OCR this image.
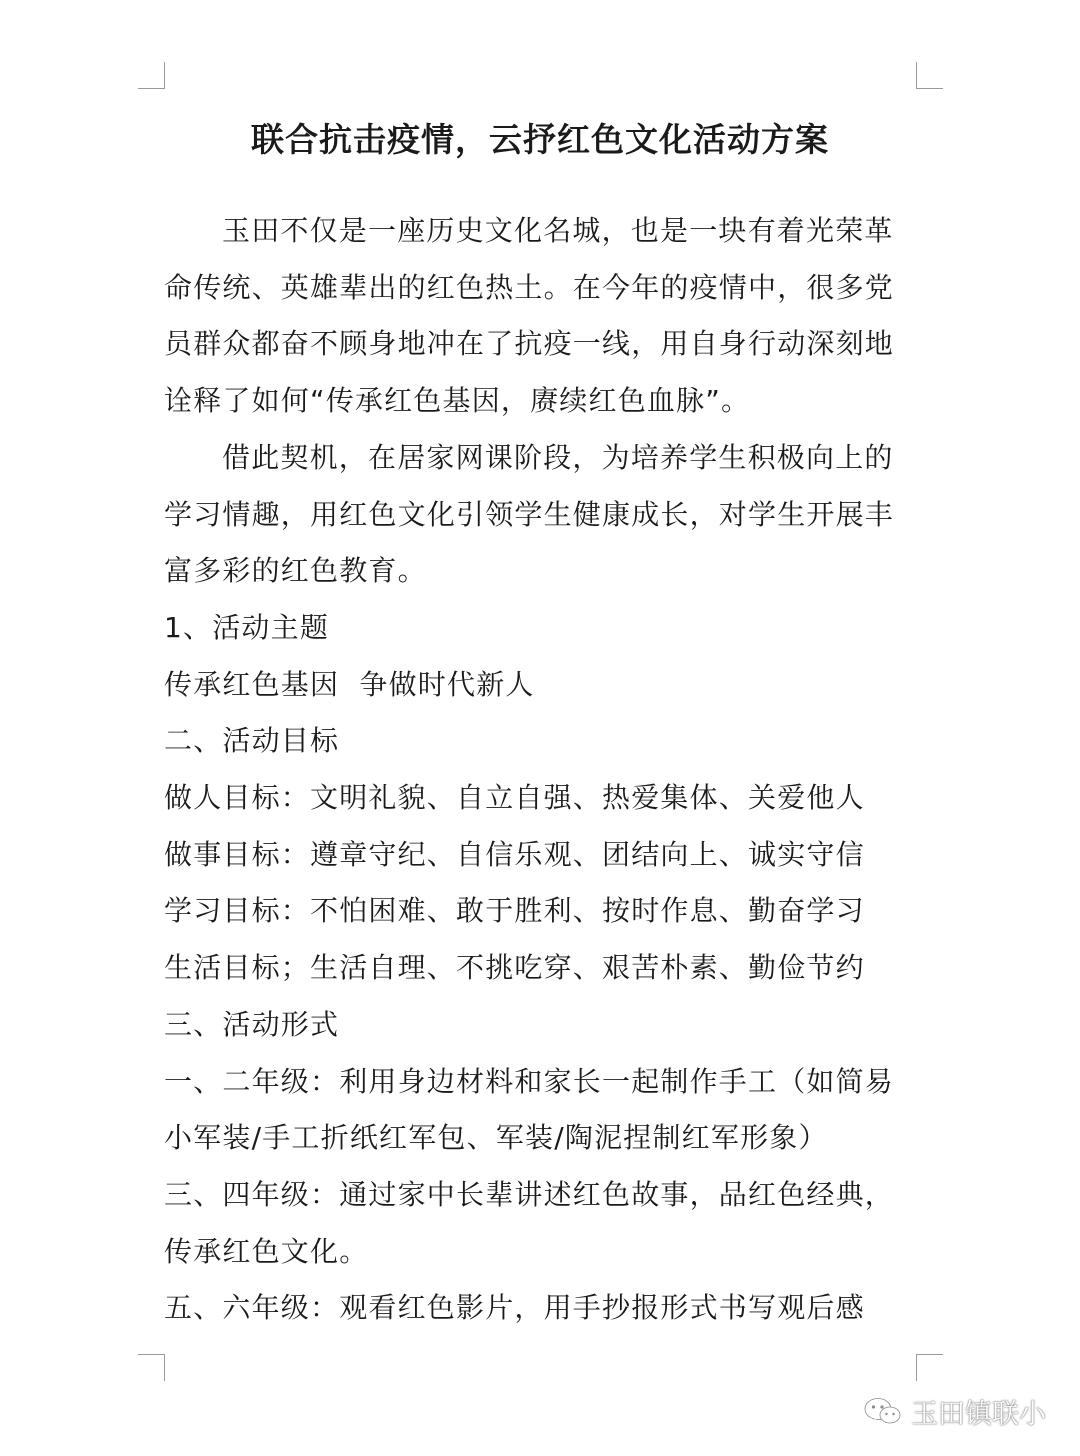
联合抗击疫情，云抒红色文化活动方案

玉田不仅是一座历史文化名城，也是一块有着光荣革命传统、英雄辈出的红色热土。在今年的疫情中，很多党员群众都奋不顾身地冲在了抗疫一线，用自身行动深刻地诠释了如何“传承红色基因，赓续红色血脉”。

借此契机，在居家网课阶段，为培养学生积极向上的学习情趣，用红色文化引领学生健康成长，对学生开展丰富多彩的红色教育。

1、活动主题

传承红色基因  争做时代新人

二、活动目标

做人目标：文明礼貌、自立自强、热爱集体、关爱他人

做事目标：遵章守纪、自信乐观、团结向上、诚实守信

学习目标：不怕困难、敢于胜利、按时作息、勤奋学习

生活目标；生活自理、不挑吃穿、艰苦朴素、勤俭节约

三、活动形式

一、二年级：利用身边材料和家长一起制作手工（如简易小军装/手工折纸红军包、军装/陶泥捏制红军形象）

三、四年级：通过家中长辈讲述红色故事，品红色经典，传承红色文化。

五、六年级：观看红色影片，用手抄报形式书写观后感

玉田镇联小
